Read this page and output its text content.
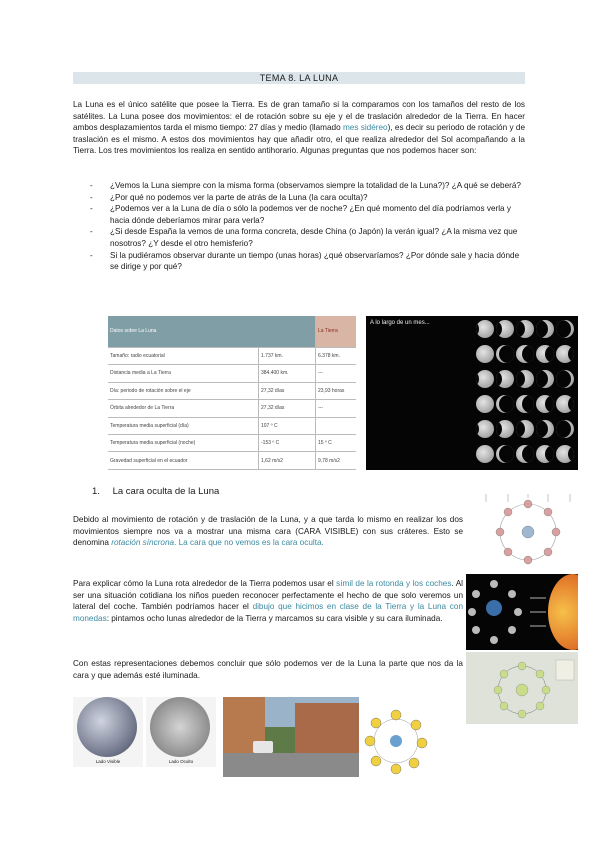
TEMA 8. LA LUNA
La Luna es el único satélite que posee la Tierra. Es de gran tamaño si la comparamos con los tamaños del resto de los satélites. La Luna posee dos movimientos: el de rotación sobre su eje y el de traslación alrededor de la Tierra. En hacer ambos desplazamientos tarda el mismo tiempo: 27 días y medio (llamado mes sidéreo), es decir su periodo de rotación y de traslación es el mismo. A estos dos movimientos hay que añadir otro, el que realiza alrededor del Sol acompañando a la Tierra. Los tres movimientos los realiza en sentido antihorario. Algunas preguntas que nos podemos hacer son:
- ¿Vemos la Luna siempre con la misma forma (observamos siempre la totalidad de la Luna?)? ¿A qué se deberá?
- ¿Por qué no podemos ver la parte de atrás de la Luna (la cara oculta)?
- ¿Podemos ver a la Luna de día o sólo la podemos ver de noche? ¿En qué momento del día podríamos verla y hacia dónde deberíamos mirar para verla?
- ¿Si desde España la vemos de una forma concreta, desde China (o Japón) la verán igual? ¿A la misma vez que nosotros? ¿Y desde el otro hemisferio?
- Si la pudiéramos observar durante un tiempo (unas horas) ¿qué observaríamos? ¿Por dónde sale y hacia dónde se dirige y por qué?
Datos sobre La Luna		La Tierra
Tamaño: radio ecuatorial	1.737 km.	6.378 km.
Distancia media a La Tierra	384.400 km.	---
Día: periodo de rotación sobre el eje	27,32 días	23,93 horas
Órbita alrededor de La Tierra	27,32 días	---
Temperatura media superficial (día)	107 º C	
Temperatura media superficial (noche)	-153 º C	15 º C
Gravedad superficial en el ecuador	1,62 m/s2	9,78 m/s2
A lo largo de un mes...
1. La cara oculta de la Luna
Debido al movimiento de rotación y de traslación de la Luna, y a que tarda lo mismo en realizar los dos movimientos siempre nos va a mostrar una misma cara (CARA VISIBLE) con sus cráteres. Esto se denomina rotación síncrona. La cara que no vemos es la cara oculta.
Para explicar cómo la Luna rota alrededor de la Tierra podemos usar el símil de la rotonda y los coches. Al ser una situación cotidiana los niños pueden reconocer perfectamente el hecho de que solo veremos un lateral del coche. También podríamos hacer el dibujo que hicimos en clase de la Tierra y la Luna con monedas: pintamos ocho lunas alrededor de la Tierra y marcamos su cara visible y su cara iluminada.
Con estas representaciones debemos concluir que sólo podemos ver de la Luna la parte que nos da la cara y que además esté iluminada.
Lado Visible	Lado Oculto
